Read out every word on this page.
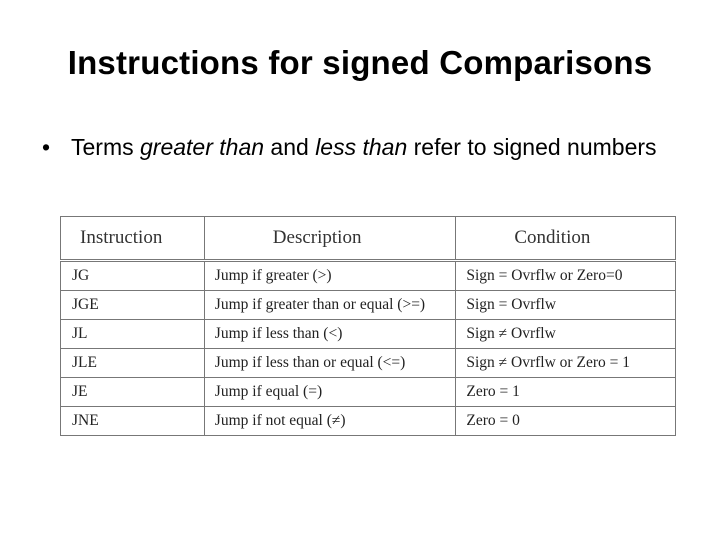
Instructions for signed Comparisons
• Terms greater than and less than refer to signed numbers
Instruction	Description	Condition
JG	Jump if greater (>)	Sign = Ovrflw or Zero=0
JGE	Jump if greater than or equal (>=)	Sign = Ovrflw
JL	Jump if less than (<)	Sign ≠ Ovrflw
JLE	Jump if less than or equal (<=)	Sign ≠ Ovrflw or Zero = 1
JE	Jump if equal (=)	Zero = 1
JNE	Jump if not equal (≠)	Zero = 0
